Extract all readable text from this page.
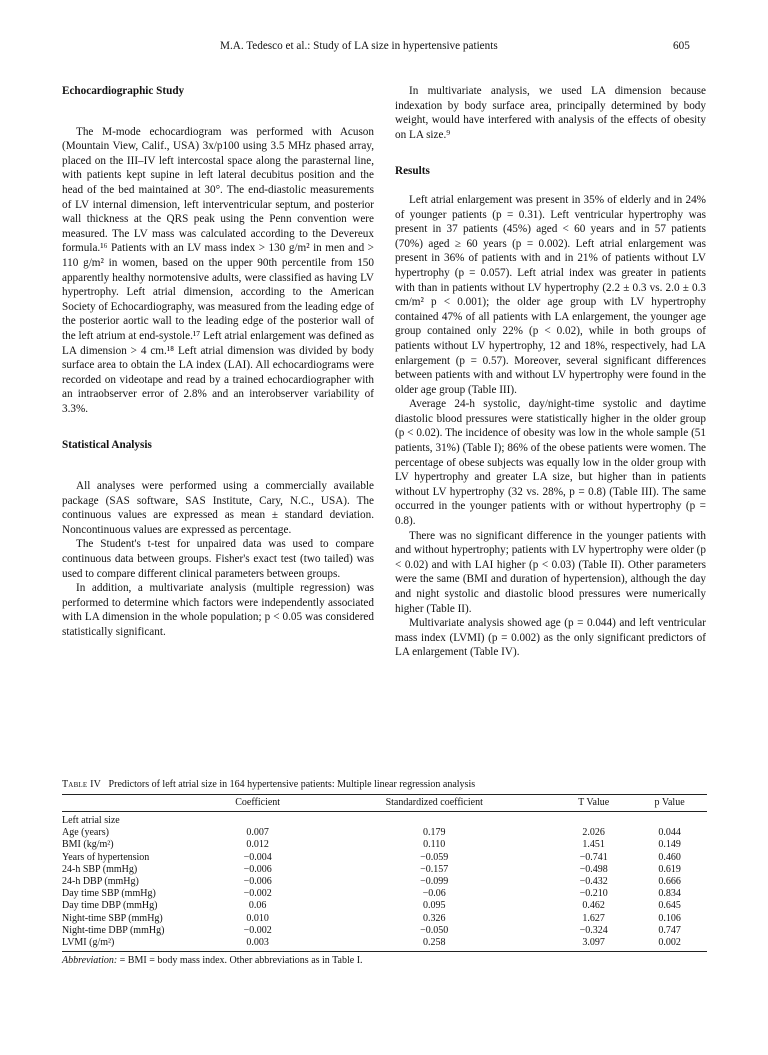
M.A. Tedesco et al.: Study of LA size in hypertensive patients	605
Echocardiographic Study

The M-mode echocardiogram was performed with Acuson (Mountain View, Calif., USA) 3x/p100 using 3.5 MHz phased array, placed on the III–IV left intercostal space along the parasternal line, with patients kept supine in left lateral decubitus position and the head of the bed maintained at 30°. The end-diastolic measurements of LV internal dimension, left interventricular septum, and posterior wall thickness at the QRS peak using the Penn convention were measured. The LV mass was calculated according to the Devereux formula.¹⁶ Patients with an LV mass index > 130 g/m² in men and > 110 g/m² in women, based on the upper 90th percentile from 150 apparently healthy normotensive adults, were classified as having LV hypertrophy. Left atrial dimension, according to the American Society of Echocardiography, was measured from the leading edge of the posterior aortic wall to the leading edge of the posterior wall of the left atrium at end-systole.¹⁷ Left atrial enlargement was defined as LA dimension > 4 cm.¹⁸ Left atrial dimension was divided by body surface area to obtain the LA index (LAI). All echocardiograms were recorded on videotape and read by a trained echocardiographer with an intraobserver error of 2.8% and an interobserver variability of 3.3%.

Statistical Analysis

All analyses were performed using a commercially available package (SAS software, SAS Institute, Cary, N.C., USA). The continuous values are expressed as mean ± standard deviation. Noncontinuous values are expressed as percentage.

The Student's t-test for unpaired data was used to compare continuous data between groups. Fisher's exact test (two tailed) was used to compare different clinical parameters between groups.

In addition, a multivariate analysis (multiple regression) was performed to determine which factors were independently associated with LA dimension in the whole population; p < 0.05 was considered statistically significant.

In multivariate analysis, we used LA dimension because indexation by body surface area, principally determined by body weight, would have interfered with analysis of the effects of obesity on LA size.⁹

Results

Left atrial enlargement was present in 35% of elderly and in 24% of younger patients (p = 0.31). Left ventricular hypertrophy was present in 37 patients (45%) aged < 60 years and in 57 patients (70%) aged ≥ 60 years (p = 0.002). Left atrial enlargement was present in 36% of patients with and in 21% of patients without LV hypertrophy (p = 0.057). Left atrial index was greater in patients with than in patients without LV hypertrophy (2.2 ± 0.3 vs. 2.0 ± 0.3 cm/m² p < 0.001); the older age group with LV hypertrophy contained 47% of all patients with LA enlargement, the younger age group contained only 22% (p < 0.02), while in both groups of patients without LV hypertrophy, 12 and 18%, respectively, had LA enlargement (p = 0.57). Moreover, several significant differences between patients with and without LV hypertrophy were found in the older age group (Table III).

Average 24-h systolic, day/night-time systolic and daytime diastolic blood pressures were statistically higher in the older group (p < 0.02). The incidence of obesity was low in the whole sample (51 patients, 31%) (Table I); 86% of the obese patients were women. The percentage of obese subjects was equally low in the older group with LV hypertrophy and greater LA size, but higher than in patients without LV hypertrophy (32 vs. 28%, p = 0.8) (Table III). The same occurred in the younger patients with or without hypertrophy (p = 0.8).

There was no significant difference in the younger patients with and without hypertrophy; patients with LV hypertrophy were older (p < 0.02) and with LAI higher (p < 0.03) (Table II). Other parameters were the same (BMI and duration of hypertension), although the day and night systolic and diastolic blood pressures were numerically higher (Table II).

Multivariate analysis showed age (p = 0.044) and left ventricular mass index (LVMI) (p = 0.002) as the only significant predictors of LA enlargement (Table IV).

Table IV Predictors of left atrial size in 164 hypertensive patients: Multiple linear regression analysis
	Coefficient	Standardized coefficient	T Value	p Value
Left atrial size				
Age (years)	0.007	0.179	2.026	0.044
BMI (kg/m²)	0.012	0.110	1.451	0.149
Years of hypertension	−0.004	−0.059	−0.741	0.460
24-h SBP (mmHg)	−0.006	−0.157	−0.498	0.619
24-h DBP (mmHg)	−0.006	−0.099	−0.432	0.666
Day time SBP (mmHg)	−0.002	−0.06	−0.210	0.834
Day time DBP (mmHg)	0.06	0.095	0.462	0.645
Night-time SBP (mmHg)	0.010	0.326	1.627	0.106
Night-time DBP (mmHg)	−0.002	−0.050	−0.324	0.747
LVMI (g/m²)	0.003	0.258	3.097	0.002
Abbreviation: = BMI = body mass index. Other abbreviations as in Table I.
